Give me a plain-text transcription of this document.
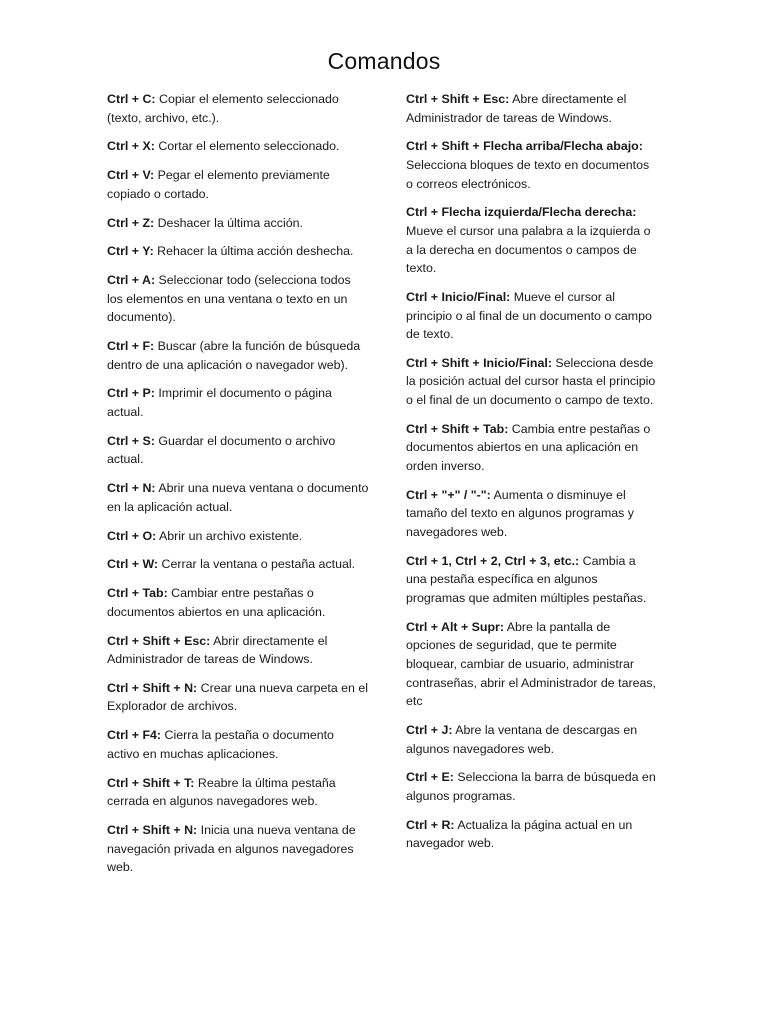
Comandos

Ctrl + C: Copiar el elemento seleccionado (texto, archivo, etc.).

Ctrl + X: Cortar el elemento seleccionado.

Ctrl + V: Pegar el elemento previamente copiado o cortado.

Ctrl + Z: Deshacer la última acción.

Ctrl + Y: Rehacer la última acción deshecha.

Ctrl + A: Seleccionar todo (selecciona todos los elementos en una ventana o texto en un documento).

Ctrl + F: Buscar (abre la función de búsqueda dentro de una aplicación o navegador web).

Ctrl + P: Imprimir el documento o página actual.

Ctrl + S: Guardar el documento o archivo actual.

Ctrl + N: Abrir una nueva ventana o documento en la aplicación actual.

Ctrl + O: Abrir un archivo existente.

Ctrl + W: Cerrar la ventana o pestaña actual.

Ctrl + Tab: Cambiar entre pestañas o documentos abiertos en una aplicación.

Ctrl + Shift + Esc: Abrir directamente el Administrador de tareas de Windows.

Ctrl + Shift + N: Crear una nueva carpeta en el Explorador de archivos.

Ctrl + F4: Cierra la pestaña o documento activo en muchas aplicaciones.

Ctrl + Shift + T: Reabre la última pestaña cerrada en algunos navegadores web.

Ctrl + Shift + N: Inicia una nueva ventana de navegación privada en algunos navegadores web.

Ctrl + Shift + Esc: Abre directamente el Administrador de tareas de Windows.

Ctrl + Shift + Flecha arriba/Flecha abajo: Selecciona bloques de texto en documentos o correos electrónicos.

Ctrl + Flecha izquierda/Flecha derecha: Mueve el cursor una palabra a la izquierda o a la derecha en documentos o campos de texto.

Ctrl + Inicio/Final: Mueve el cursor al principio o al final de un documento o campo de texto.

Ctrl + Shift + Inicio/Final: Selecciona desde la posición actual del cursor hasta el principio o el final de un documento o campo de texto.

Ctrl + Shift + Tab: Cambia entre pestañas o documentos abiertos en una aplicación en orden inverso.

Ctrl + "+" / "-": Aumenta o disminuye el tamaño del texto en algunos programas y navegadores web.

Ctrl + 1, Ctrl + 2, Ctrl + 3, etc.: Cambia a una pestaña específica en algunos programas que admiten múltiples pestañas.

Ctrl + Alt + Supr: Abre la pantalla de opciones de seguridad, que te permite bloquear, cambiar de usuario, administrar contraseñas, abrir el Administrador de tareas, etc

Ctrl + J: Abre la ventana de descargas en algunos navegadores web.

Ctrl + E: Selecciona la barra de búsqueda en algunos programas.

Ctrl + R: Actualiza la página actual en un navegador web.
